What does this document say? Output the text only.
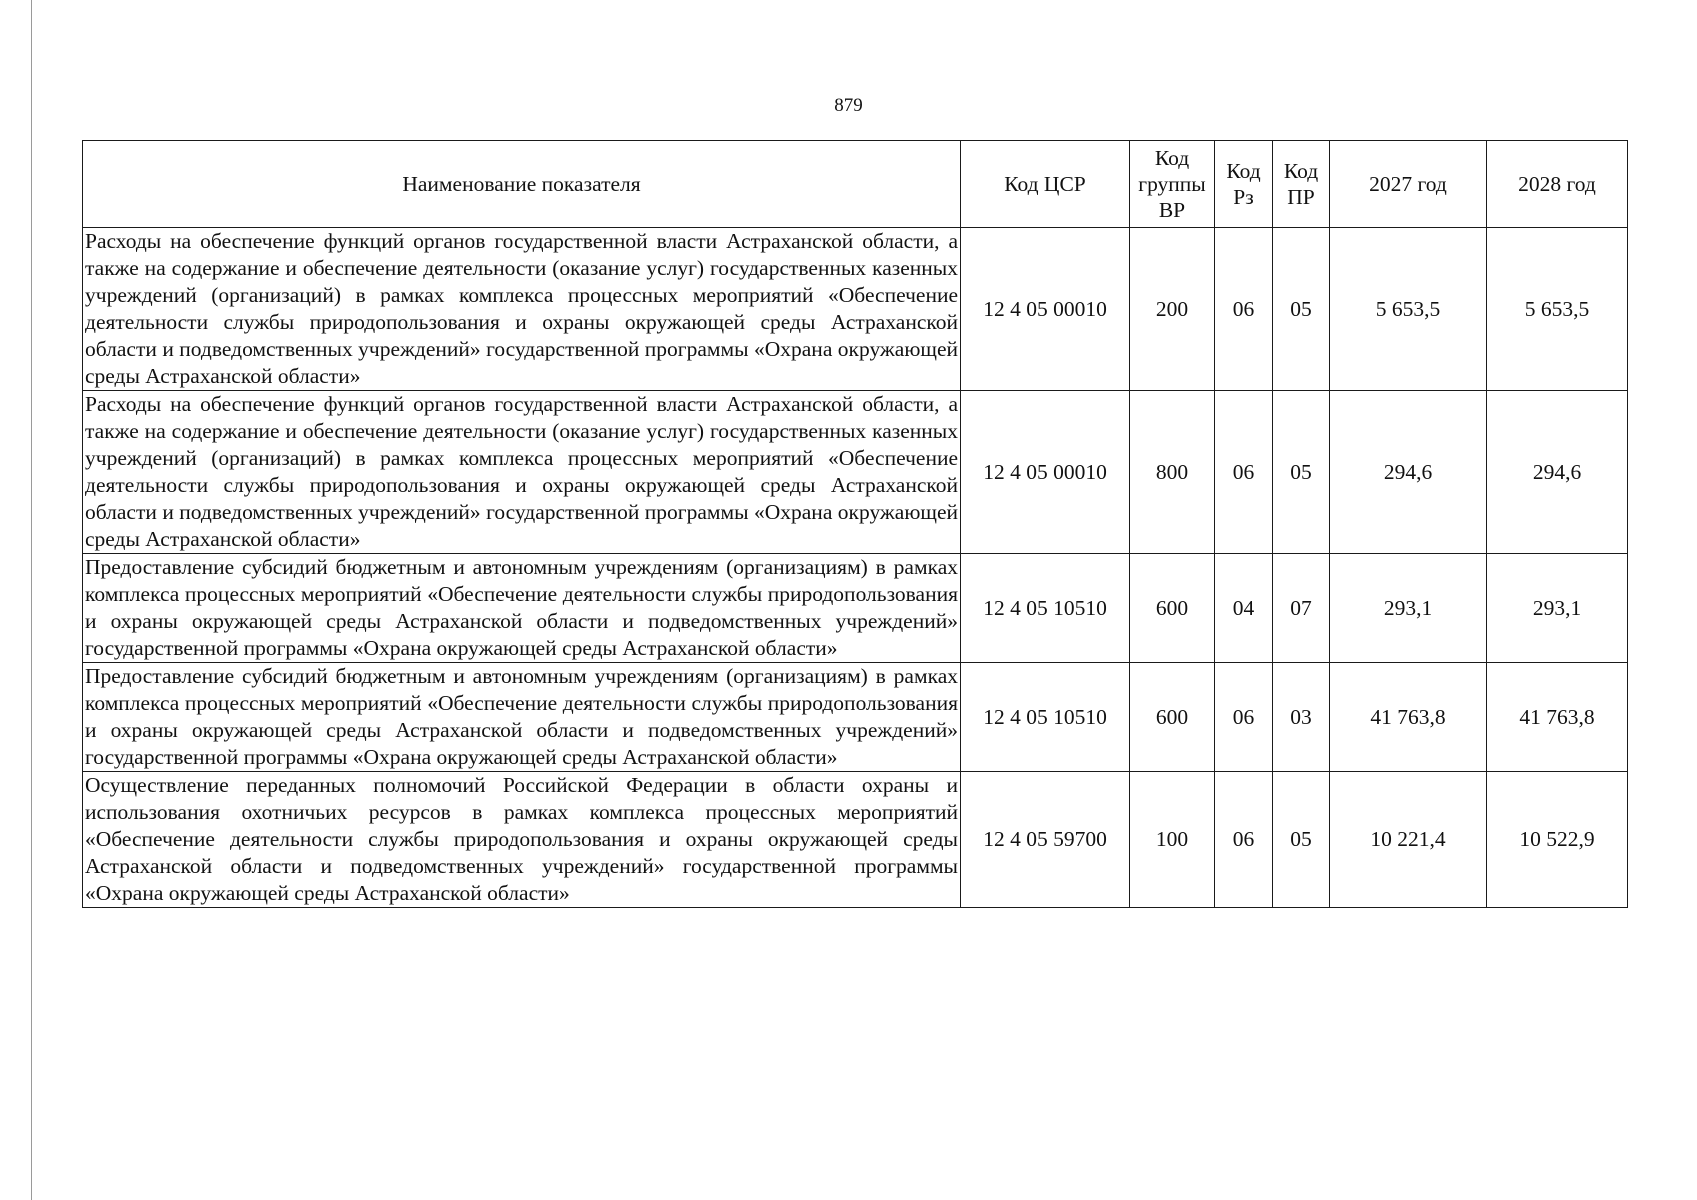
879
Наименование показателя	Код ЦСР	Код группы ВР	Код Рз	Код ПР	2027 год	2028 год
Расходы на обеспечение функций органов государственной власти Астраханской области, а также на содержание и обеспечение деятельности (оказание услуг) государственных казенных учреждений (организаций) в рамках комплекса процессных мероприятий «Обеспечение деятельности службы природопользования и охраны окружающей среды Астраханской области и подведомственных учреждений» государственной программы «Охрана окружающей среды Астраханской области»	12 4 05 00010	200	06	05	5 653,5	5 653,5
Расходы на обеспечение функций органов государственной власти Астраханской области, а также на содержание и обеспечение деятельности (оказание услуг) государственных казенных учреждений (организаций) в рамках комплекса процессных мероприятий «Обеспечение деятельности службы природопользования и охраны окружающей среды Астраханской области и подведомственных учреждений» государственной программы «Охрана окружающей среды Астраханской области»	12 4 05 00010	800	06	05	294,6	294,6
Предоставление субсидий бюджетным и автономным учреждениям (организациям) в рамках комплекса процессных мероприятий «Обеспечение деятельности службы природопользования и охраны окружающей среды Астраханской области и подведомственных учреждений» государственной программы «Охрана окружающей среды Астраханской области»	12 4 05 10510	600	04	07	293,1	293,1
Предоставление субсидий бюджетным и автономным учреждениям (организациям) в рамках комплекса процессных мероприятий «Обеспечение деятельности службы природопользования и охраны окружающей среды Астраханской области и подведомственных учреждений» государственной программы «Охрана окружающей среды Астраханской области»	12 4 05 10510	600	06	03	41 763,8	41 763,8
Осуществление переданных полномочий Российской Федерации в области охраны и использования охотничьих ресурсов в рамках комплекса процессных мероприятий «Обеспечение деятельности службы природопользования и охраны окружающей среды Астраханской области и подведомственных учреждений» государственной программы «Охрана окружающей среды Астраханской области»	12 4 05 59700	100	06	05	10 221,4	10 522,9
